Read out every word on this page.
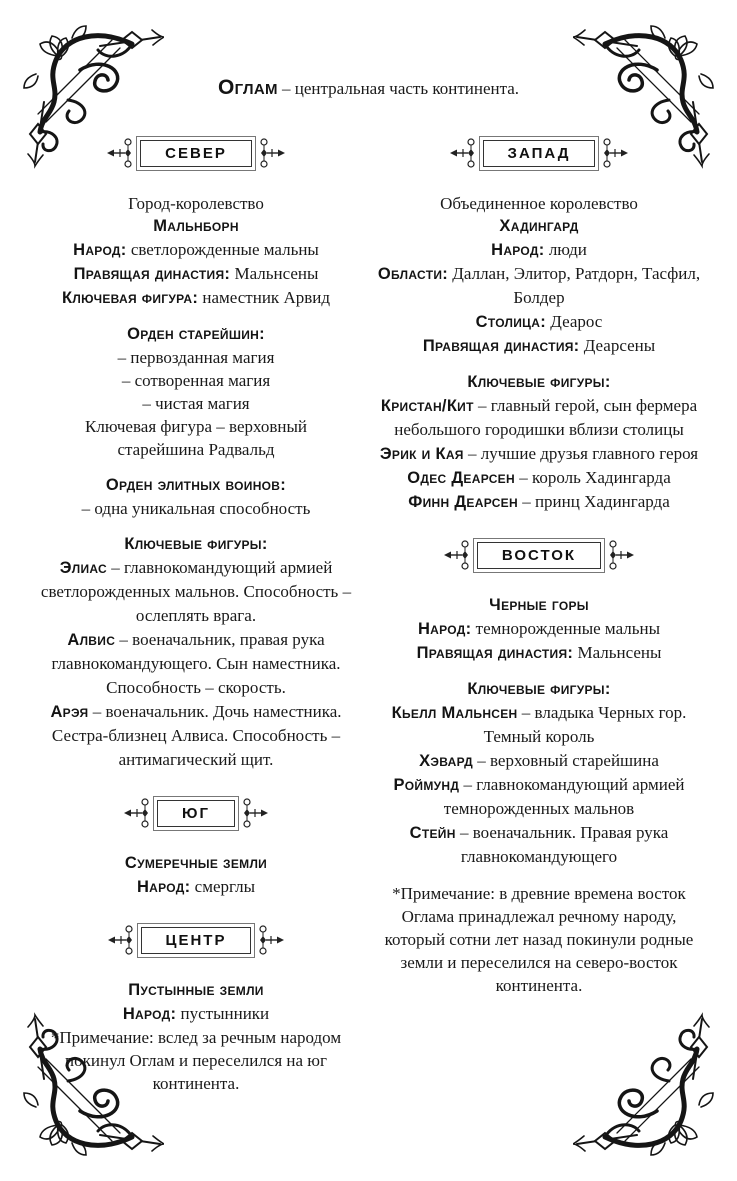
Оглам – центральная часть континента.
СЕВЕР
Город-королевство
Мальнборн
Народ: светлорожденные мальны
Правящая династия: Мальнсены
Ключевая фигура: наместник Арвид
Орден старейшин:
– первозданная магия
– сотворенная магия
– чистая магия
Ключевая фигура – верховный старейшина Радвальд
Орден элитных воинов:
– одна уникальная способность
Ключевые фигуры:
Элиас – главнокомандующий армией светлорожденных мальнов. Способность – ослеплять врага.
Алвис – военачальник, правая рука главнокомандующего. Сын наместника. Способность – скорость.
Арэя – военачальник. Дочь наместника. Сестра-близнец Алвиса. Способность – антимагический щит.
ЮГ
Сумеречные земли
Народ: смерглы
ЦЕНТР
Пустынные земли
Народ: пустынники
*Примечание: вслед за речным народом покинул Оглам и переселился на юг континента.
ЗАПАД
Объединенное королевство
Хадингард
Народ: люди
Области: Даллан, Элитор, Ратдорн, Тасфил, Болдер
Столица: Деарос
Правящая династия: Деарсены
Ключевые фигуры:
Кристан/Кит – главный герой, сын фермера небольшого городишки вблизи столицы
Эрик и Кая – лучшие друзья главного героя
Одес Деарсен – король Хадингарда
Финн Деарсен – принц Хадингарда
ВОСТОК
Черные горы
Народ: темнорожденные мальны
Правящая династия: Мальнсены
Ключевые фигуры:
Кьелл Мальнсен – владыка Черных гор. Темный король
Хэвард – верховный старейшина
Роймунд – главнокомандующий армией темнорожденных мальнов
Стейн – военачальник. Правая рука главнокомандующего
*Примечание: в древние времена восток Оглама принадлежал речному народу, который сотни лет назад покинули родные земли и переселился на северо-восток континента.
